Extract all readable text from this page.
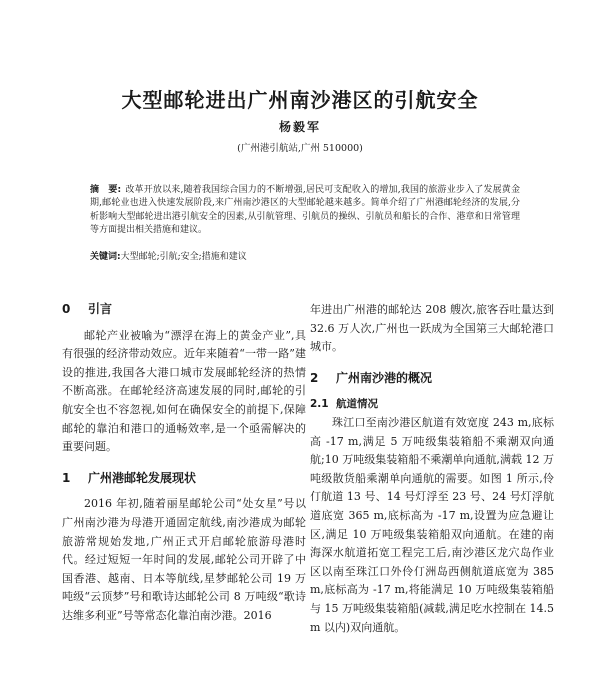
大型邮轮进出广州南沙港区的引航安全
杨毅军
(广州港引航站,广州 510000)
摘　要: 改革开放以来,随着我国综合国力的不断增强,居民可支配收入的增加,我国的旅游业步入了发展黄金期,邮轮业也进入快速发展阶段,来广州南沙港区的大型邮轮越来越多。简单介绍了广州港邮轮经济的发展,分析影响大型邮轮进出港引航安全的因素,从引航管理、引航员的操纵、引航员和船长的合作、港章和日常管理等方面提出相关措施和建议。
关键词:大型邮轮;引航;安全;措施和建议
0 引言

邮轮产业被喻为“漂浮在海上的黄金产业”,具有很强的经济带动效应。近年来随着“一带一路”建设的推进,我国各大港口城市发展邮轮经济的热情不断高涨。在邮轮经济高速发展的同时,邮轮的引航安全也不容忽视,如何在确保安全的前提下,保障邮轮的靠泊和港口的通畅效率,是一个亟需解决的重要问题。

1 广州港邮轮发展现状

2016 年初,随着丽星邮轮公司“处女星”号以广州南沙港为母港开通固定航线,南沙港成为邮轮旅游常规始发地,广州正式开启邮轮旅游母港时代。经过短短一年时间的发展,邮轮公司开辟了中国香港、越南、日本等航线,星梦邮轮公司 19 万吨级“云顶梦”号和歌诗达邮轮公司 8 万吨级“歌诗达维多利亚”号等常态化靠泊南沙港。2016

年进出广州港的邮轮达 208 艘次,旅客吞吐量达到 32.6 万人次,广州也一跃成为全国第三大邮轮港口城市。

2 广州南沙港的概况
2.1 航道情况

珠江口至南沙港区航道有效宽度 243 m,底标高 -17 m,满足 5 万吨级集装箱船不乘潮双向通航;10 万吨级集装箱船不乘潮单向通航,满载 12 万吨级散货船乘潮单向通航的需要。如图 1 所示,伶仃航道 13 号、14 号灯浮至 23 号、24 号灯浮航道底宽 365 m,底标高为 -17 m,设置为应急避让区,满足 10 万吨级集装箱船双向通航。在建的南海深水航道拓宽工程完工后,南沙港区龙穴岛作业区以南至珠江口外伶仃洲岛西侧航道底宽为 385 m,底标高为 -17 m,将能满足 10 万吨级集装箱船与 15 万吨级集装箱船(减载,满足吃水控制在 14.5 m 以内)双向通航。
